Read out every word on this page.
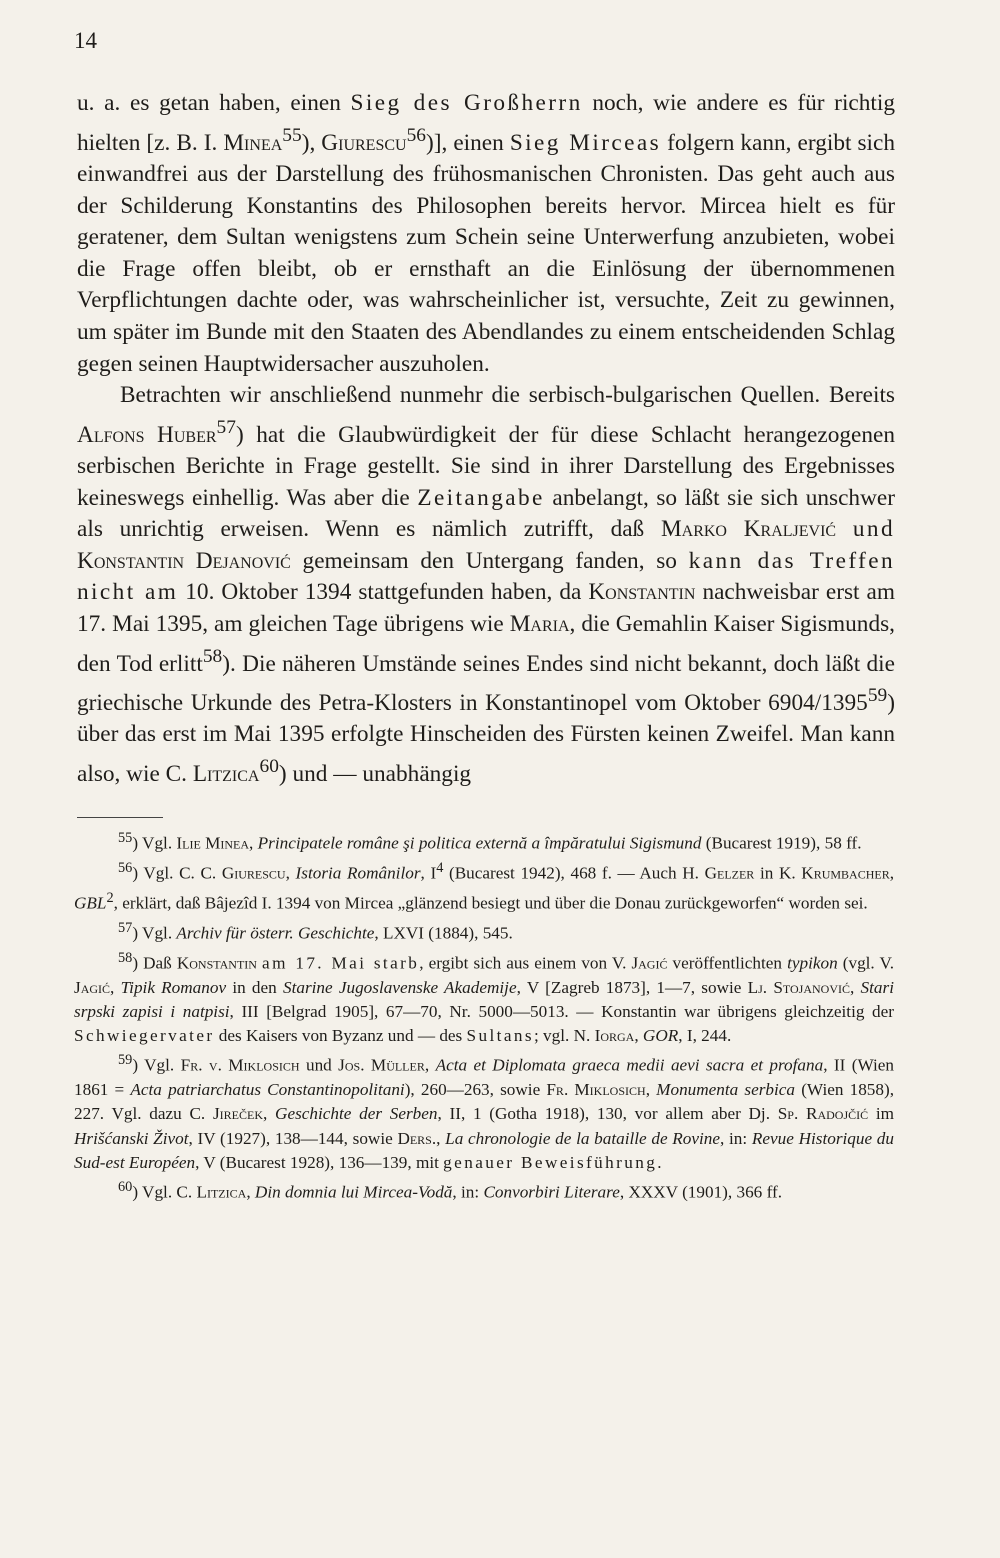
14

u. a. es getan haben, einen Sieg des Großherrn noch, wie andere es für richtig hielten [z. B. I. Minea$^{55}$), Giurescu$^{56}$)], einen Sieg Mirceas folgern kann, ergibt sich einwandfrei aus der Darstellung des frühosmanischen Chronisten. Das geht auch aus der Schilderung Konstantins des Philosophen bereits hervor. Mircea hielt es für geratener, dem Sultan wenigstens zum Schein seine Unterwerfung anzubieten, wobei die Frage offen bleibt, ob er ernsthaft an die Einlösung der übernommenen Verpflichtungen dachte oder, was wahrscheinlicher ist, versuchte, Zeit zu gewinnen, um später im Bunde mit den Staaten des Abendlandes zu einem entscheidenden Schlag gegen seinen Hauptwidersacher auszuholen.

Betrachten wir anschließend nunmehr die serbisch-bulgarischen Quellen. Bereits Alfons Huber$^{57}$) hat die Glaubwürdigkeit der für diese Schlacht herangezogenen serbischen Berichte in Frage gestellt. Sie sind in ihrer Darstellung des Ergebnisses keineswegs einhellig. Was aber die Zeitangabe anbelangt, so läßt sie sich unschwer als unrichtig erweisen. Wenn es nämlich zutrifft, daß Marko Kraljević und Konstantin Dejanović gemeinsam den Untergang fanden, so kann das Treffen nicht am 10. Oktober 1394 stattgefunden haben, da Konstantin nachweisbar erst am 17. Mai 1395, am gleichen Tage übrigens wie Maria, die Gemahlin Kaiser Sigismunds, den Tod erlitt$^{58}$). Die näheren Umstände seines Endes sind nicht bekannt, doch läßt die griechische Urkunde des Petra-Klosters in Konstantinopel vom Oktober 6904/1395$^{59}$) über das erst im Mai 1395 erfolgte Hinscheiden des Fürsten keinen Zweifel. Man kann also, wie C. Litzica$^{60}$) und — unabhängig

$^{55}$) Vgl. Ilie Minea, Principatele române şi politica externă a împăratului Sigismund (Bucarest 1919), 58 ff.

$^{56}$) Vgl. C. C. Giurescu, Istoria Românilor, $I^4$ (Bucarest 1942), 468 f. — Auch H. Gelzer in K. Krumbacher, GBL$^2$, erklärt, daß Bâjezîd I. 1394 von Mircea „glänzend besiegt und über die Donau zurückgeworfen“ worden sei.

$^{57}$) Vgl. Archiv für österr. Geschichte, LXVI (1884), 545.

$^{58}$) Daß Konstantin am 17. Mai starb, ergibt sich aus einem von V. Jagić veröffentlichten typikon (vgl. V. Jagić, Tipik Romanov in den Starine Jugoslavenske Akademije, V [Zagreb 1873], 1—7, sowie Lj. Stojanović, Stari srpski zapisi i natpisi, III [Belgrad 1905], 67—70, Nr. 5000—5013. — Konstantin war übrigens gleichzeitig der Schwiegervater des Kaisers von Byzanz und — des Sultans; vgl. N. Iorga, GOR, I, 244.

$^{59}$) Vgl. Fr. v. Miklosich und Jos. Müller, Acta et Diplomata graeca medii aevi sacra et profana, II (Wien 1861 = Acta patriarchatus Constantinopolitani), 260—263, sowie Fr. Miklosich, Monumenta serbica (Wien 1858), 227. Vgl. dazu C. Jireček, Geschichte der Serben, II, 1 (Gotha 1918), 130, vor allem aber Dj. Sp. Radojčić im Hrišćanski Život, IV (1927), 138—144, sowie Ders., La chronologie de la bataille de Rovine, in: Revue Historique du Sud-est Européen, V (Bucarest 1928), 136—139, mit genauer Beweisführung.

$^{60}$) Vgl. C. Litzica, Din domnia lui Mircea-Vodă, in: Convorbiri Literare, XXXV (1901), 366 ff.
